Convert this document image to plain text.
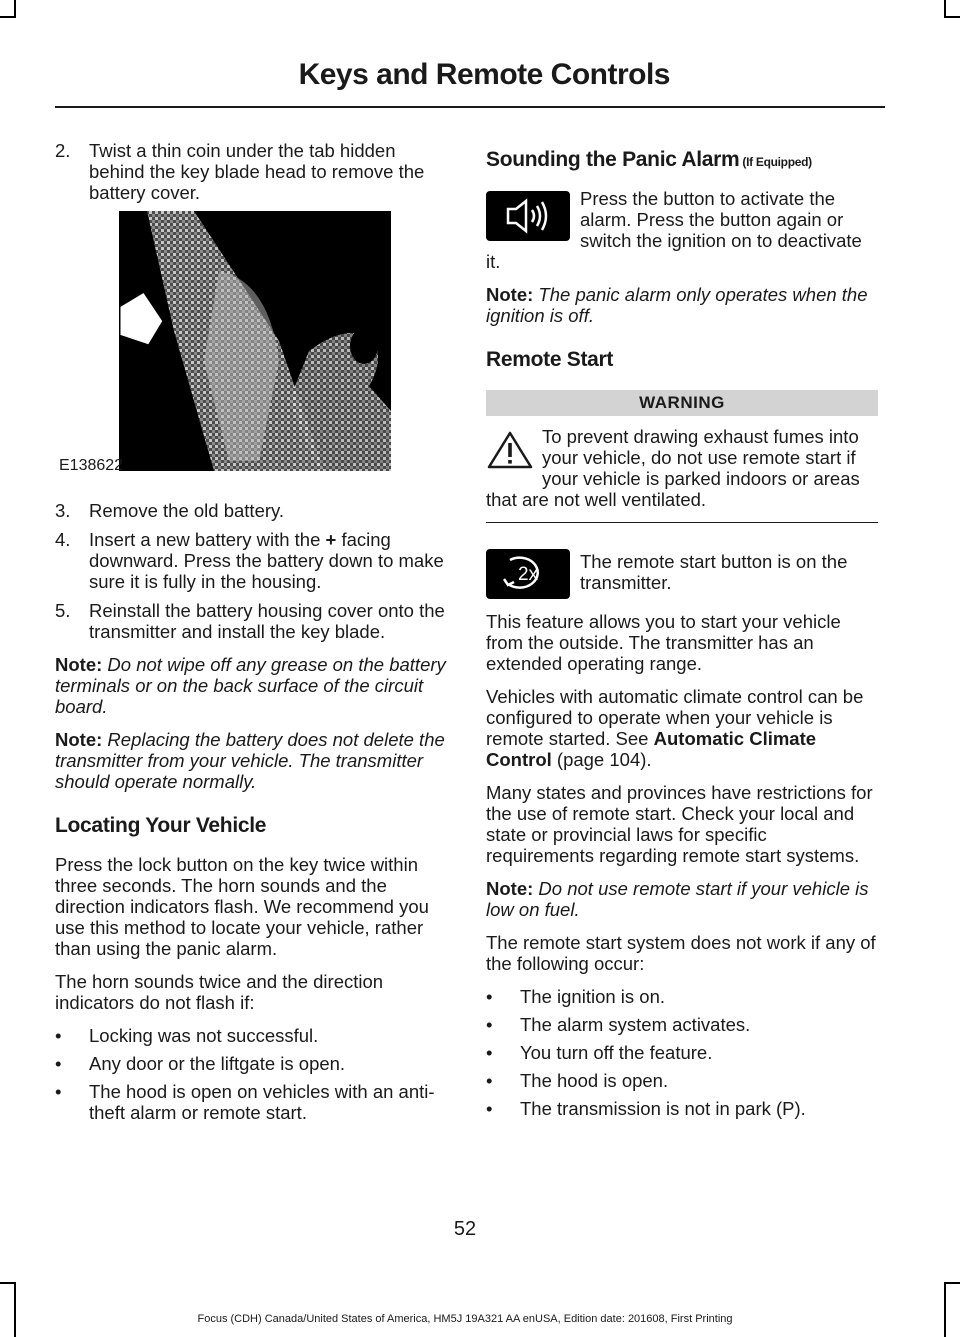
Keys and Remote Controls

2. Twist a thin coin under the tab hidden behind the key blade head to remove the battery cover.

E138622

3. Remove the old battery.

4. Insert a new battery with the + facing downward. Press the battery down to make sure it is fully in the housing.

5. Reinstall the battery housing cover onto the transmitter and install the key blade.

Note: Do not wipe off any grease on the battery terminals or on the back surface of the circuit board.

Note: Replacing the battery does not delete the transmitter from your vehicle. The transmitter should operate normally.

Locating Your Vehicle

Press the lock button on the key twice within three seconds. The horn sounds and the direction indicators flash. We recommend you use this method to locate your vehicle, rather than using the panic alarm.

The horn sounds twice and the direction indicators do not flash if:

• Locking was not successful.
• Any door or the liftgate is open.
• The hood is open on vehicles with an anti-theft alarm or remote start.
Sounding the Panic Alarm (If Equipped)

Press the button to activate the alarm. Press the button again or switch the ignition on to deactivate it.

Note: The panic alarm only operates when the ignition is off.

Remote Start
WARNING

To prevent drawing exhaust fumes into your vehicle, do not use remote start if your vehicle is parked indoors or areas that are not well ventilated.

2x

The remote start button is on the transmitter.

This feature allows you to start your vehicle from the outside. The transmitter has an extended operating range.

Vehicles with automatic climate control can be configured to operate when your vehicle is remote started. See Automatic Climate Control (page 104).

Many states and provinces have restrictions for the use of remote start. Check your local and state or provincial laws for specific requirements regarding remote start systems.

Note: Do not use remote start if your vehicle is low on fuel.

The remote start system does not work if any of the following occur:

• The ignition is on.
• The alarm system activates.
• You turn off the feature.
• The hood is open.
• The transmission is not in park (P).
52
Focus (CDH) Canada/United States of America, HM5J 19A321 AA enUSA, Edition date: 201608, First Printing
